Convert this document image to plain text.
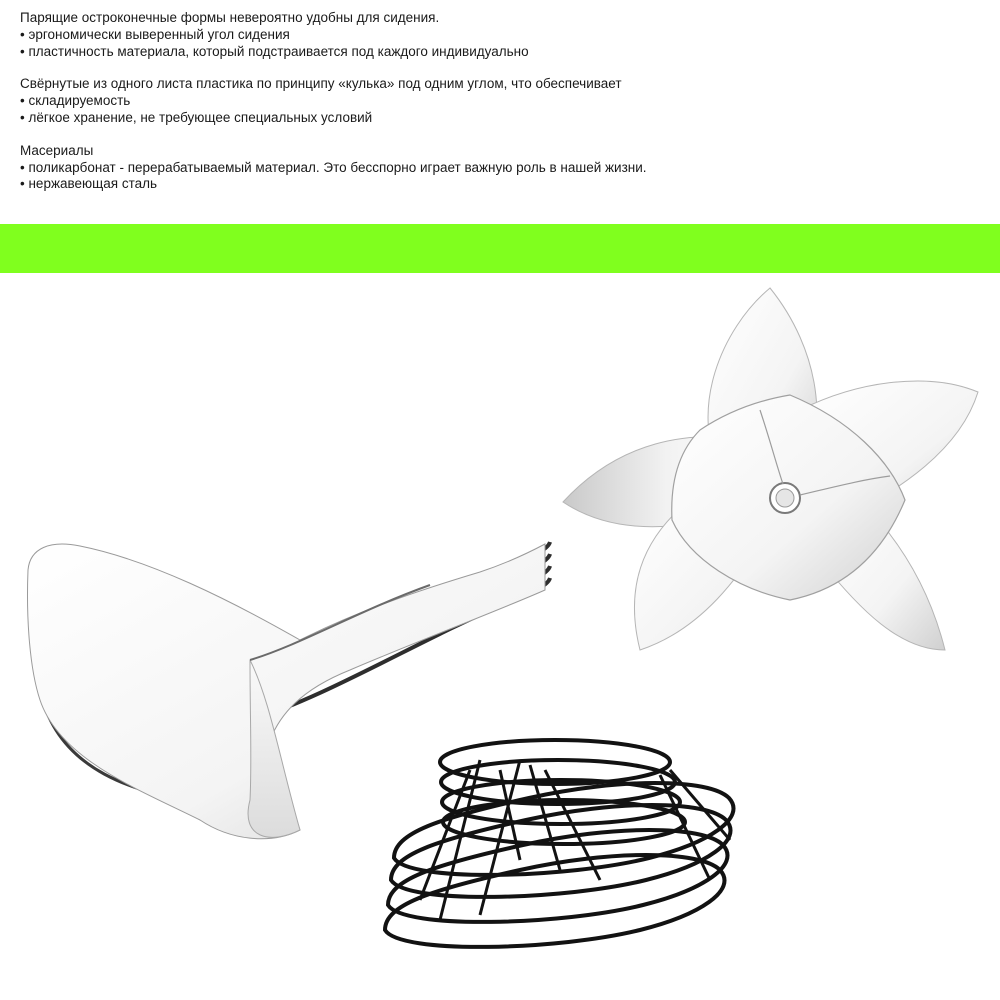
Парящие остроконечные формы невероятно удобны для сидения.

• эргономически выверенный угол сидения

• пластичность материала, который подстраивается под каждого индивидуально

Свёрнутые из одного листа пластика по принципу «кулька» под одним углом, что обеспечивает

• складируемость

• лёгкое хранение, не требующее специальных условий

Масериалы

• поликарбонат - перерабатываемый материал. Это бесспорно играет важную роль в нашей жизни.

• нержавеющая сталь
